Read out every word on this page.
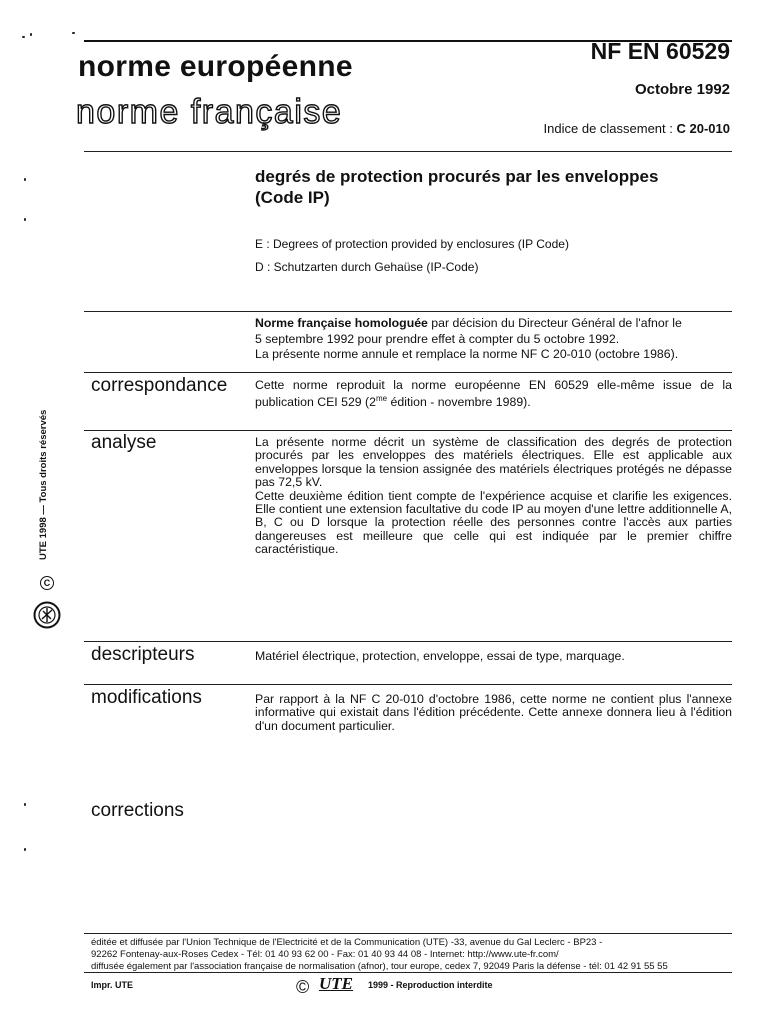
norme européenne
norme française
NF EN 60529
Octobre 1992
Indice de classement : C 20-010
degrés de protection procurés par les enveloppes
(Code IP)
E : Degrees of protection provided by enclosures (IP Code)
D : Schutzarten durch Gehaüse (IP-Code)
Norme française homologuée par décision du Directeur Général de l'afnor le
5 septembre 1992 pour prendre effet à compter du 5 octobre 1992.
La présente norme annule et remplace la norme NF C 20-010 (octobre 1986).
correspondance Cette norme reproduit la norme européenne EN 60529 elle-même issue de la publication CEI 529 ($2^{me}$ édition - novembre 1989).
analyse	La présente norme décrit un système de classification des degrés de protection procurés par les enveloppes des matériels électriques. Elle est applicable aux enveloppes lorsque la tension assignée des matériels électriques protégés ne dépasse pas 72,5 kV.
Cette deuxième édition tient compte de l'expérience acquise et clarifie les exigences. Elle contient une extension facultative du code IP au moyen d'une lettre additionnelle A, B, C ou D lorsque la protection réelle des personnes contre l'accès aux parties dangereuses est meilleure que celle qui est indiquée par le premier chiffre caractéristique.
descripteurs	Matériel électrique, protection, enveloppe, essai de type, marquage.
modifications	Par rapport à la NF C 20-010 d'octobre 1986, cette norme ne contient plus l'annexe informative qui existait dans l'édition précédente. Cette annexe donnera lieu à l'édition d'un document particulier.
corrections
UTE 1998 — Tous droits réservés
C
éditée et diffusée par l'Union Technique de l'Electricité et de la Communication (UTE) -33, avenue du Gal Leclerc - BP23 -
92262 Fontenay-aux-Roses Cedex - Tél: 01 40 93 62 00 - Fax: 01 40 93 44 08 - Internet: http://www.ute-fr.com/
diffusée également par l'association française de normalisation (afnor), tour europe, cedex 7, 92049 Paris la défense - tél: 01 42 91 55 55
Impr. UTE	© UTE 1999 - Reproduction interdite
